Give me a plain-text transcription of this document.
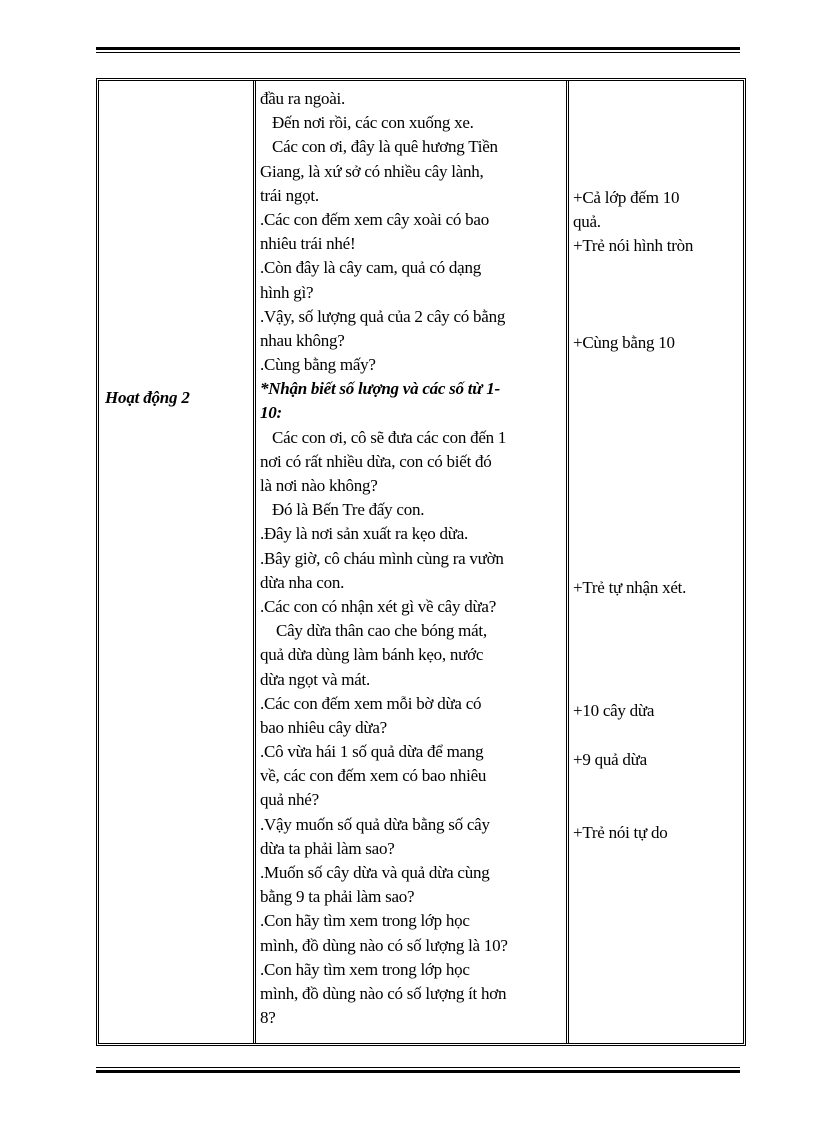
Hoạt động 2
đầu ra ngoài.
Đến nơi rồi, các con xuống xe.
Các con ơi, đây là quê hương Tiền
Giang, là xứ sở có nhiều cây lành,
trái ngọt.
.Các con đếm xem cây xoài có bao
nhiêu trái nhé!
.Còn đây là cây cam, quả có dạng
hình gì?
.Vậy, số lượng quả của 2 cây có bằng
nhau không?
.Cùng bằng mấy?
*Nhận biết số lượng và các số từ 1-
10:
Các con ơi, cô sẽ đưa các con đến 1
nơi có rất nhiều dừa, con có biết đó
là nơi nào không?
Đó là Bến Tre đấy con.
.Đây là nơi sản xuất ra kẹo dừa.
.Bây giờ, cô cháu mình cùng ra vườn
dừa nha con.
.Các con có nhận xét gì về cây dừa?
Cây dừa thân cao che bóng mát,
quả dừa dùng làm bánh kẹo, nước
dừa ngọt và mát.
.Các con đếm xem mỗi bờ dừa có
bao nhiêu cây dừa?
.Cô vừa hái 1 số quả dừa để mang
về, các con đếm xem có bao nhiêu
quả nhé?
.Vậy muốn số quả dừa bằng số cây
dừa ta phải làm sao?
.Muốn số cây dừa và quả dừa cùng
bằng 9 ta phải làm sao?
.Con hãy tìm xem trong lớp học
mình, đồ dùng nào có số lượng là 10?
.Con hãy tìm xem trong lớp học
mình, đồ dùng nào có số lượng ít hơn
8?
+Cả lớp đếm 10
quả.
+Trẻ nói hình tròn
+Cùng bằng 10
+Trẻ tự nhận xét.
+10 cây dừa
+9 quả dừa
+Trẻ nói tự do
